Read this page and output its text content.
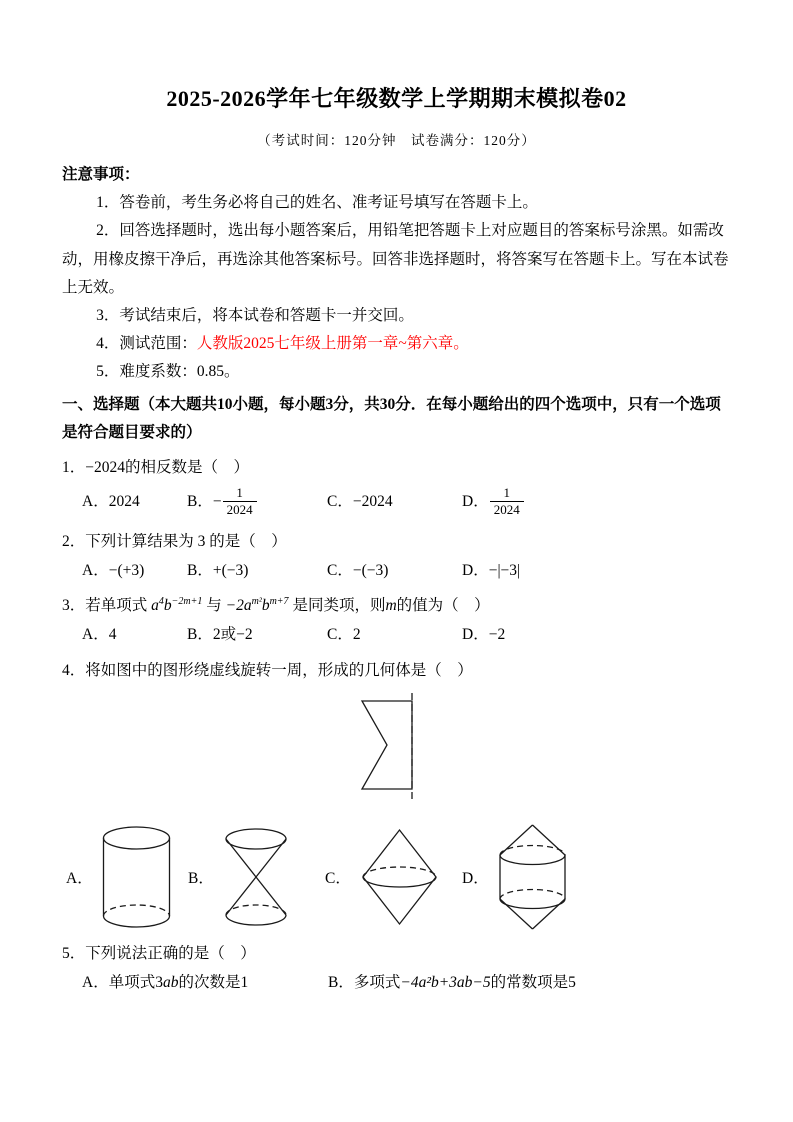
2025-2026学年七年级数学上学期期末模拟卷02
（考试时间：120分钟　试卷满分：120分）

注意事项：

1．答卷前，考生务必将自己的姓名、准考证号填写在答题卡上。

2．回答选择题时，选出每小题答案后，用铅笔把答题卡上对应题目的答案标号涂黑。如需改动，用橡皮擦干净后，再选涂其他答案标号。回答非选择题时，将答案写在答题卡上。写在本试卷上无效。

3．考试结束后，将本试卷和答题卡一并交回。

4．测试范围：人教版2025七年级上册第一章~第六章。

5．难度系数：0.85。

一、选择题（本大题共10小题，每小题3分，共30分．在每小题给出的四个选项中，只有一个选项是符合题目要求的）

1．−2024的相反数是（　）

A． 2024	B． − $\frac{1}{2024}$	C． −2024	D． $\frac{1}{2024}$

2．下列计算结果为 3 的是（　）

A． −(+3)	B． +(−3)	C． −(−3)	D． −|−3|

3．若单项式 $a^4b^{-2m+1}$ 与 $-2a^{m^2}b^{m+7}$ 是同类项，则m的值为（　）

A． 4	B． 2或−2	C． 2	D． −2

4．将如图中的图形绕虚线旋转一周，形成的几何体是（　）

A．	B．	C．	D．

5．下列说法正确的是（　）

A． 单项式3 ab 的次数是1	B． 多项式 −4a²b+3ab−5 的常数项是5
